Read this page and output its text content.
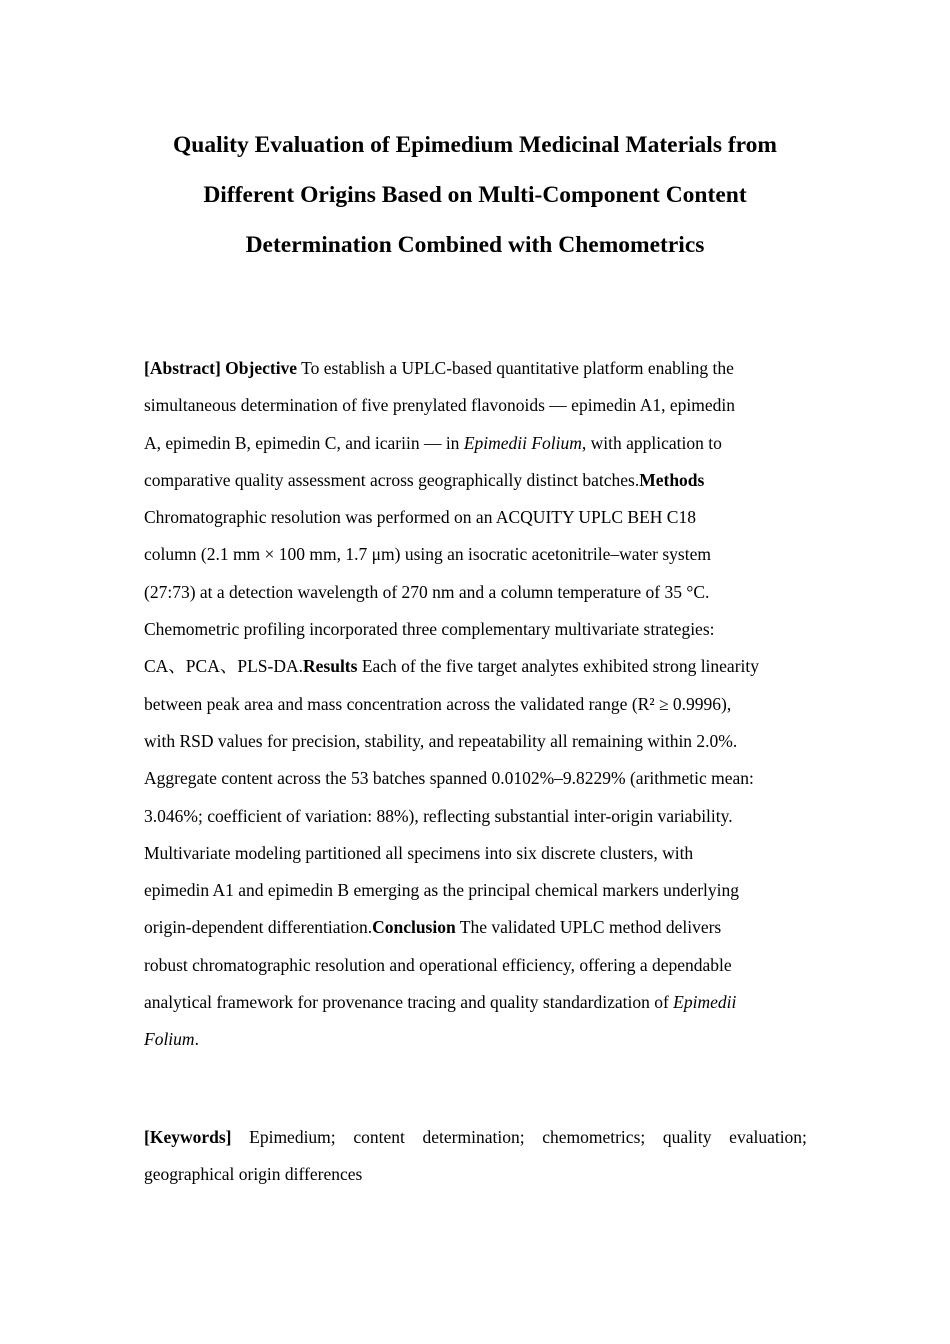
Quality Evaluation of Epimedium Medicinal Materials from
Different Origins Based on Multi-Component Content
Determination Combined with Chemometrics
[Abstract] Objective To establish a UPLC-based quantitative platform enabling the
simultaneous determination of five prenylated flavonoids — epimedin A1, epimedin
A, epimedin B, epimedin C, and icariin — in Epimedii Folium, with application to
comparative quality assessment across geographically distinct batches.Methods
Chromatographic resolution was performed on an ACQUITY UPLC BEH C18
column (2.1 mm × 100 mm, 1.7 μm) using an isocratic acetonitrile–water system
(27:73) at a detection wavelength of 270 nm and a column temperature of 35 °C.
Chemometric profiling incorporated three complementary multivariate strategies:
CA、PCA、PLS-DA.Results Each of the five target analytes exhibited strong linearity
between peak area and mass concentration across the validated range (R² ≥ 0.9996),
with RSD values for precision, stability, and repeatability all remaining within 2.0%.
Aggregate content across the 53 batches spanned 0.0102%–9.8229% (arithmetic mean:
3.046%; coefficient of variation: 88%), reflecting substantial inter-origin variability.
Multivariate modeling partitioned all specimens into six discrete clusters, with
epimedin A1 and epimedin B emerging as the principal chemical markers underlying
origin-dependent differentiation.Conclusion The validated UPLC method delivers
robust chromatographic resolution and operational efficiency, offering a dependable
analytical framework for provenance tracing and quality standardization of Epimedii
Folium.
[Keywords] Epimedium; content determination; chemometrics; quality evaluation;
geographical origin differences
